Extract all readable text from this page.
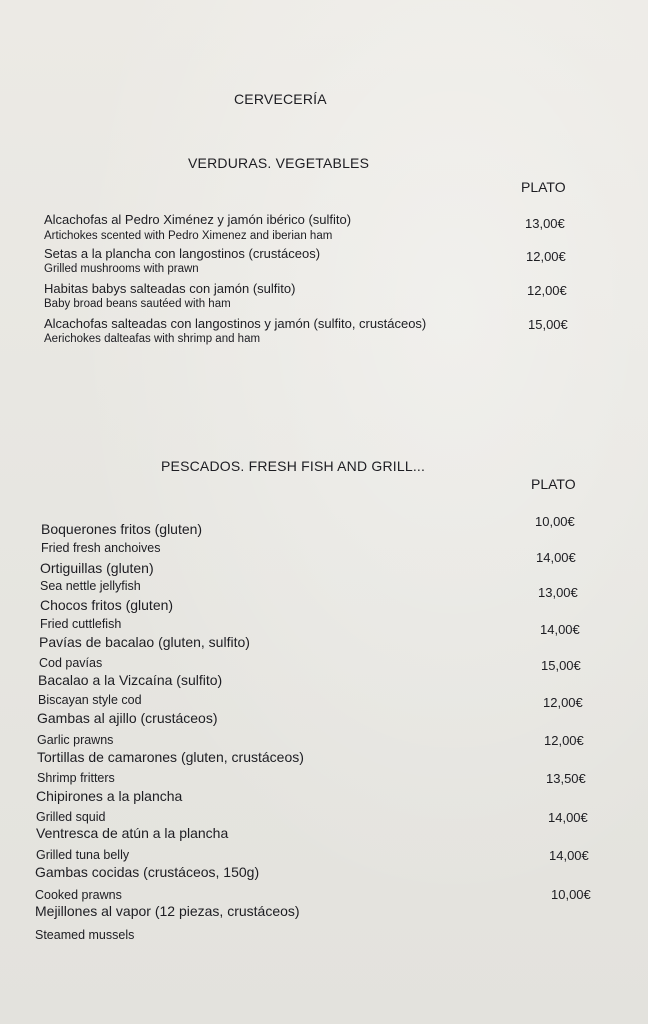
CERVECERÍA
VERDURAS. VEGETABLES
PLATO
Alcachofas al Pedro Ximénez y jamón ibérico (sulfito)
Artichokes scented with Pedro Ximenez and iberian ham
13,00€
Setas a la plancha con langostinos (crustáceos)
Grilled mushrooms with prawn
12,00€
Habitas babys salteadas con jamón (sulfito)
Baby broad beans sautéed with ham
12,00€
Alcachofas salteadas con langostinos y jamón (sulfito, crustáceos)
Aerichokes dalteafas with shrimp and ham
15,00€
PESCADOS. FRESH FISH AND GRILL...
PLATO
Boquerones fritos (gluten)
Fried fresh anchoives
10,00€
Ortiguillas (gluten)
Sea nettle jellyfish
14,00€
Chocos fritos (gluten)
Fried cuttlefish
13,00€
Pavías de bacalao (gluten, sulfito)
Cod pavías
14,00€
Bacalao a la Vizcaína (sulfito)
Biscayan style cod
15,00€
Gambas al ajillo (crustáceos)
Garlic prawns
12,00€
Tortillas de camarones (gluten, crustáceos)
Shrimp fritters
12,00€
Chipirones a la plancha
Grilled squid
13,50€
Ventresca de atún a la plancha
Grilled tuna belly
14,00€
Gambas cocidas (crustáceos, 150g)
Cooked prawns
14,00€
Mejillones al vapor (12 piezas, crustáceos)
Steamed mussels
10,00€
